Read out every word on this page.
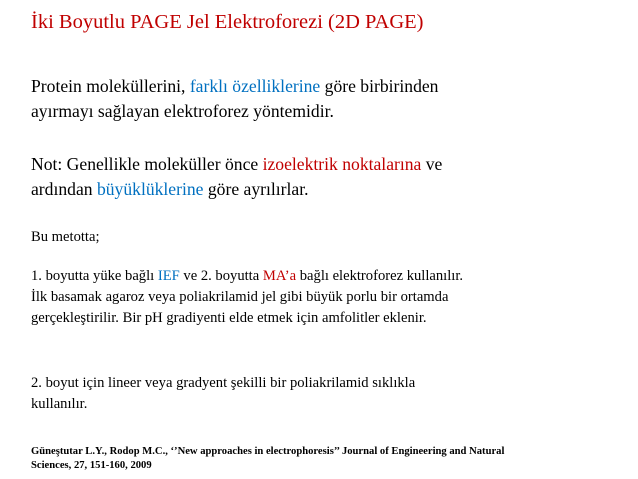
İki Boyutlu PAGE Jel Elektroforezi (2D PAGE)
Protein moleküllerini, farklı özelliklerine göre birbirinden
ayırmayı sağlayan elektroforez yöntemidir.
Not: Genellikle moleküller önce izoelektrik noktalarına ve
ardından büyüklüklerine göre ayrılırlar.
Bu metotta;
1. boyutta yüke bağlı IEF ve 2. boyutta MA’a bağlı elektroforez kullanılır.
İlk basamak agaroz veya poliakrilamid jel gibi büyük porlu bir ortamda
gerçekleştirilir. Bir pH gradiyenti elde etmek için amfolitler eklenir.
2. boyut için lineer veya gradyent şekilli bir poliakrilamid sıklıkla
kullanılır.
Güneştutar L.Y., Rodop M.C., ‘’New approaches in electrophoresis’’ Journal of Engineering and Natural
Sciences, 27, 151-160, 2009
